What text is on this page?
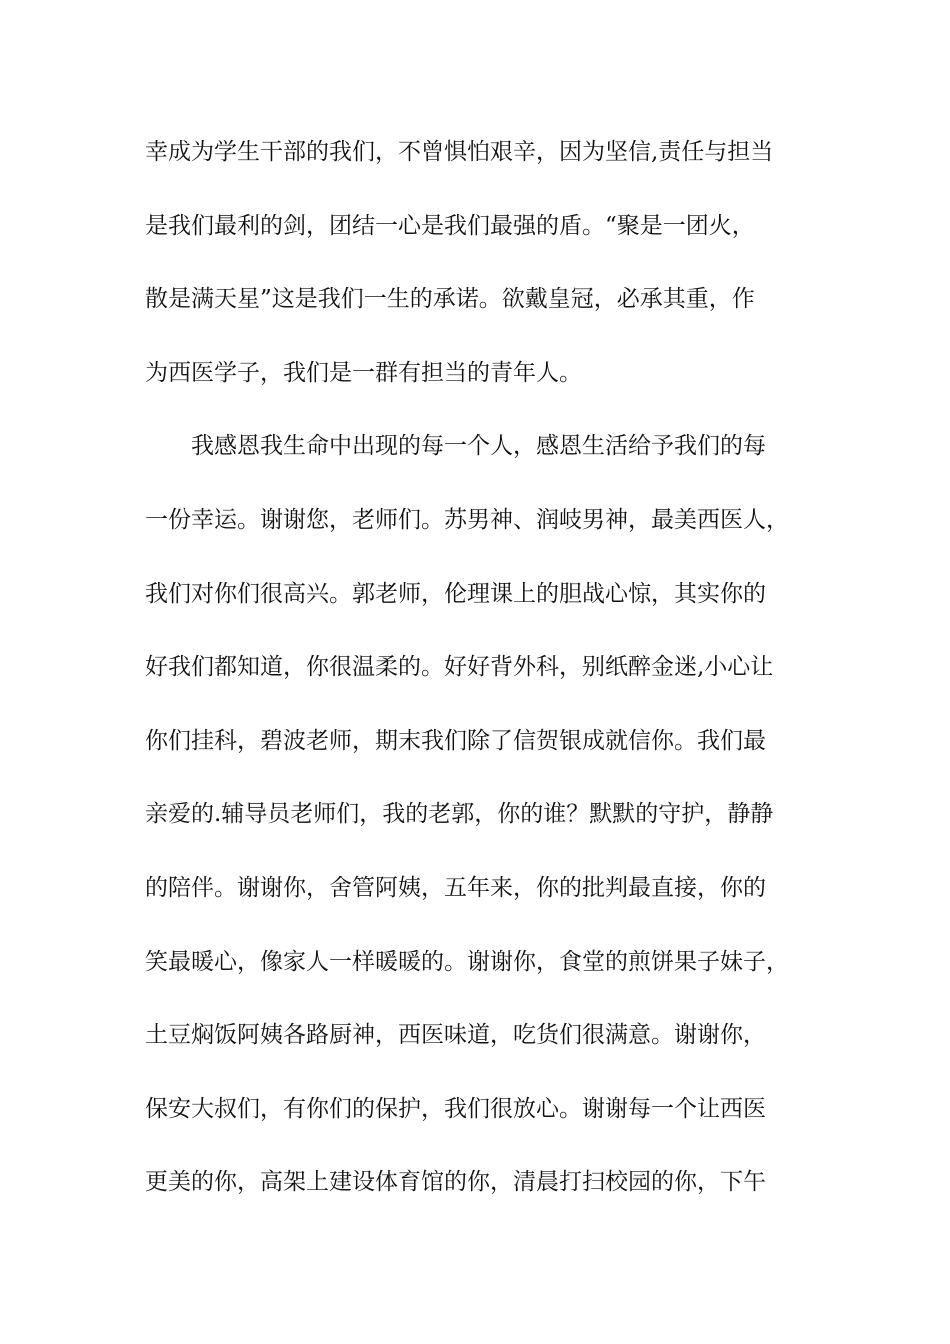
幸成为学生干部的我们，不曾惧怕艰辛，因为坚信,责任与担当
是我们最利的剑，团结一心是我们最强的盾。“聚是一团火，
散是满天星”这是我们一生的承诺。欲戴皇冠，必承其重，作
为西医学子，我们是一群有担当的青年人。
　　我感恩我生命中出现的每一个人，感恩生活给予我们的每
一份幸运。谢谢您，老师们。苏男神、润岐男神，最美西医人，
我们对你们很高兴。郭老师，伦理课上的胆战心惊，其实你的
好我们都知道，你很温柔的。好好背外科，别纸醉金迷,小心让
你们挂科，碧波老师，期末我们除了信贺银成就信你。我们最
亲爱的.辅导员老师们，我的老郭，你的谁？默默的守护，静静
的陪伴。谢谢你，舍管阿姨，五年来，你的批判最直接，你的
笑最暖心，像家人一样暖暖的。谢谢你，食堂的煎饼果子妹子，
土豆焖饭阿姨各路厨神，西医味道，吃货们很满意。谢谢你，
保安大叔们，有你们的保护，我们很放心。谢谢每一个让西医
更美的你，高架上建设体育馆的你，清晨打扫校园的你，下午
